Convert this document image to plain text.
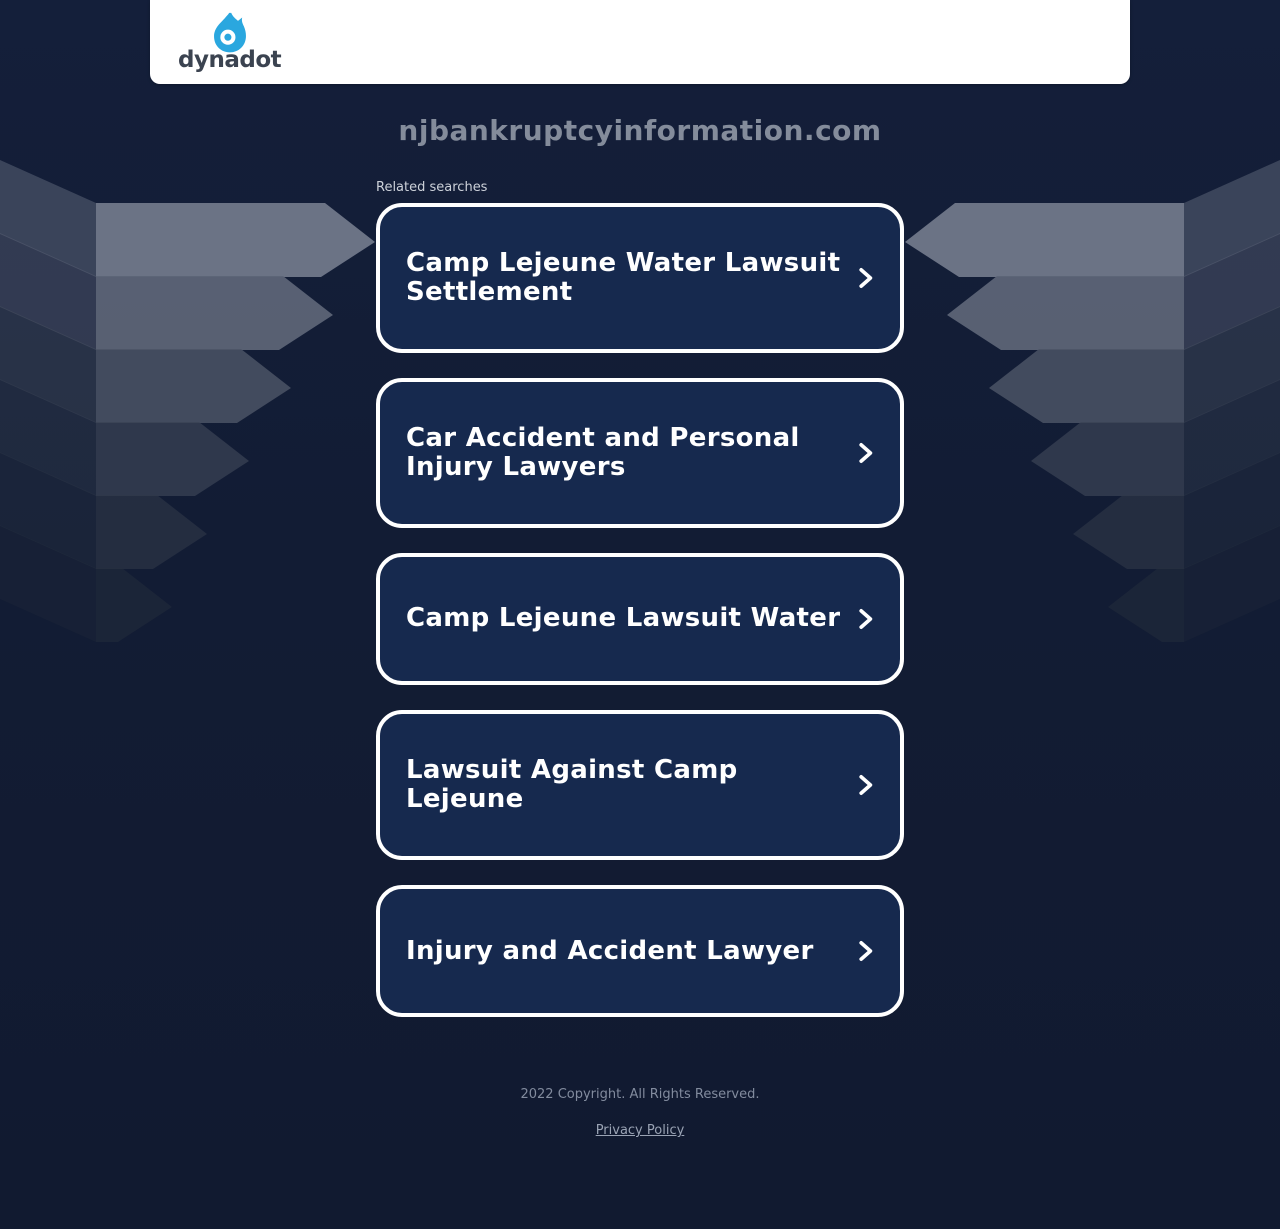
dynadot
njbankruptcyinformation.com
Related searches
Camp Lejeune Water Lawsuit Settlement
Car Accident and Personal Injury Lawyers
Camp Lejeune Lawsuit Water
Lawsuit Against Camp Lejeune
Injury and Accident Lawyer
2022 Copyright. All Rights Reserved.
Privacy Policy
